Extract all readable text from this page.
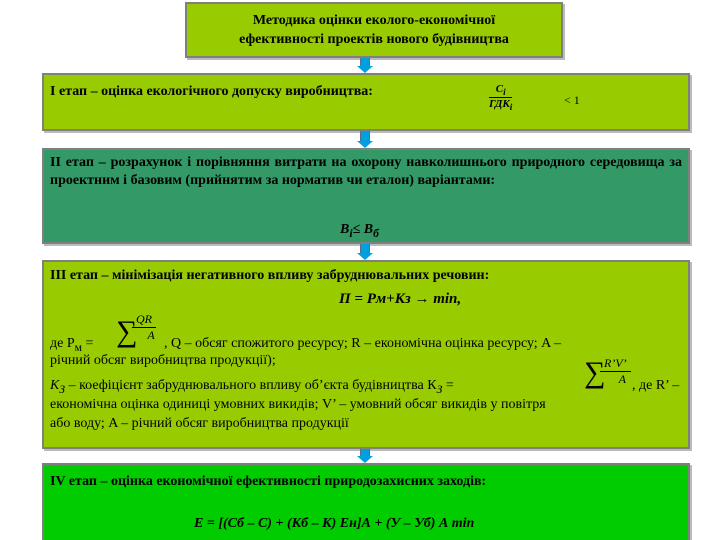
Методика оцінки еколого-економічної
ефективності проектів нового будівництва
І етап – оцінка екологічного допуску виробництва:	$C_i$
$ГДК_i$
< 1
ІІ етап – розрахунок і порівняння витрати на охорону навколишнього природного середовища за проектним і базовим (прийнятим за норматив чи еталон) варіантами:
$B_i\le B_б$
ІІІ етап – мінімізація негативного впливу забруднювальних речовин:
П = Рм+Кз → min,
де $Р_м$ = ∑
$\frac{QR}{A}$
, Q – обсяг спожитого ресурсу; R – економічна оцінка ресурсу; A –
річний обсяг виробництва продукції);
$К_З$ – коефіцієнт забруднювального впливу об’єкта будівництва $К_З$ =	∑
$\frac{R’V’}{A}$ , де R’ –
економічна оцінка одиниці умовних викидів; V’ – умовний обсяг викидів у повітря
або воду; A – річний обсяг виробництва продукції
ІV етап – оцінка економічної ефективності природозахисних заходів:
E = [(Cб – C) + (Кб – К) Ен]А + (У – Уб) А min
